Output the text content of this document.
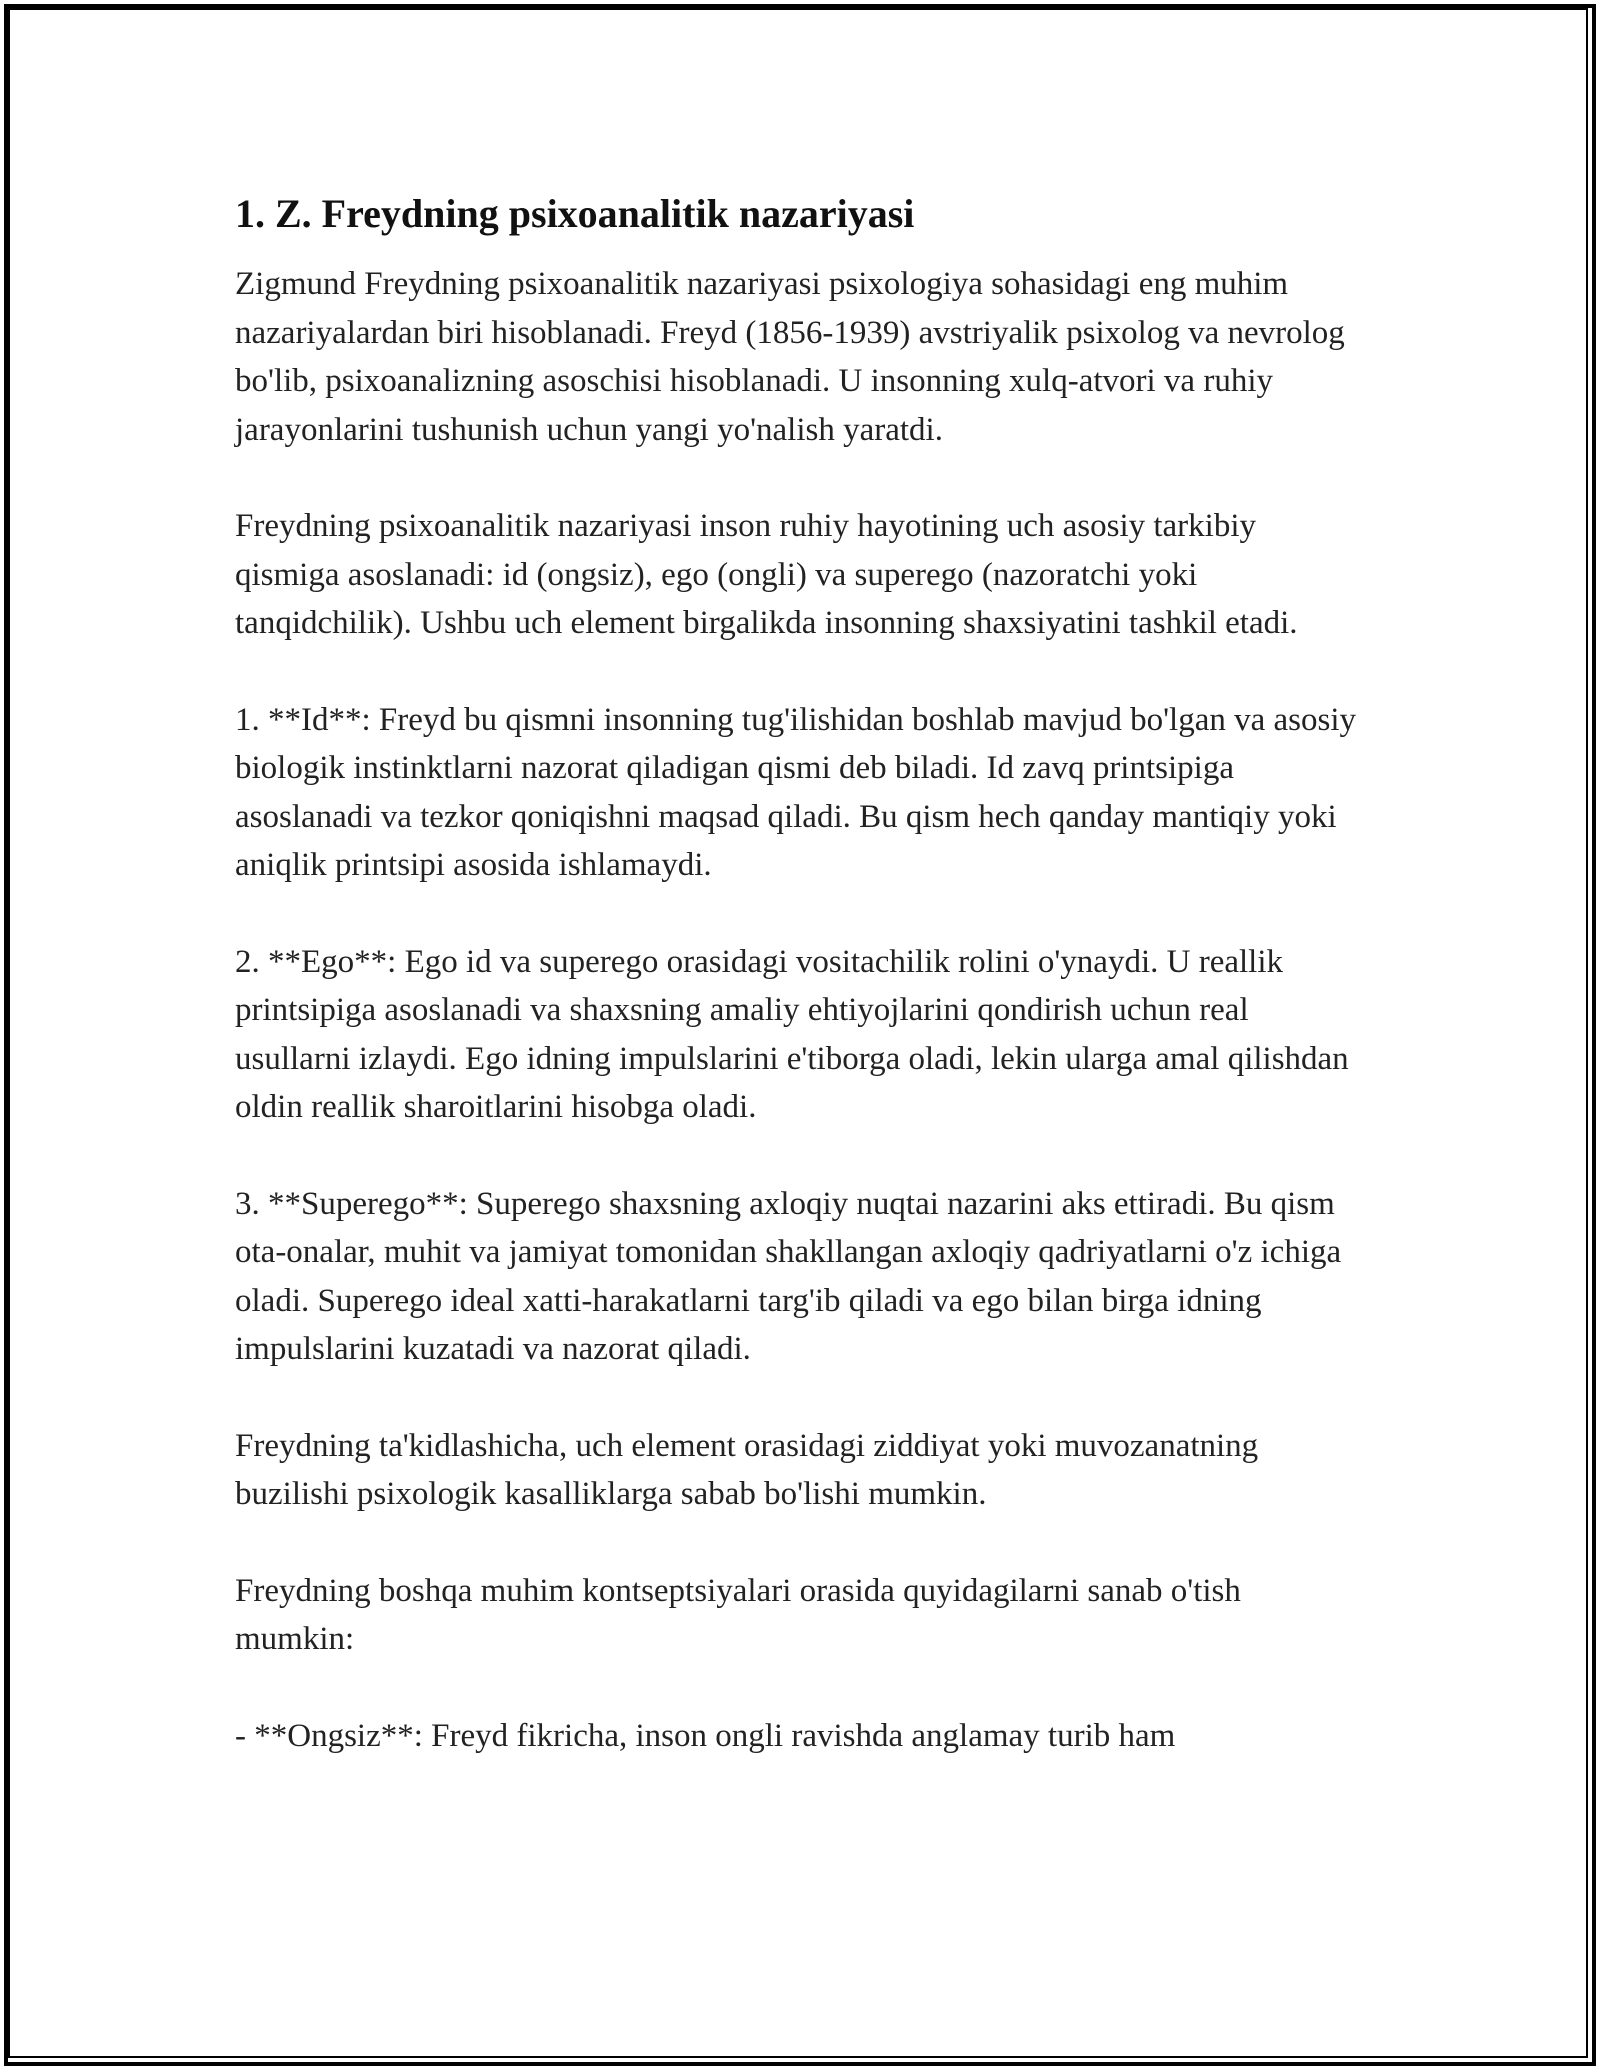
1. Z. Freydning psixoanalitik nazariyasi

Zigmund Freydning psixoanalitik nazariyasi psixologiya sohasidagi eng muhim nazariyalardan biri hisoblanadi. Freyd (1856-1939) avstriyalik psixolog va nevrolog bo'lib, psixoanalizning asoschisi hisoblanadi. U insonning xulq-atvori va ruhiy jarayonlarini tushunish uchun yangi yo'nalish yaratdi.

Freydning psixoanalitik nazariyasi inson ruhiy hayotining uch asosiy tarkibiy qismiga asoslanadi: id (ongsiz), ego (ongli) va superego (nazoratchi yoki tanqidchilik). Ushbu uch element birgalikda insonning shaxsiyatini tashkil etadi.

1. **Id**: Freyd bu qismni insonning tug'ilishidan boshlab mavjud bo'lgan va asosiy biologik instinktlarni nazorat qiladigan qismi deb biladi. Id zavq printsipiga asoslanadi va tezkor qoniqishni maqsad qiladi. Bu qism hech qanday mantiqiy yoki aniqlik printsipi asosida ishlamaydi.

2. **Ego**: Ego id va superego orasidagi vositachilik rolini o'ynaydi. U reallik printsipiga asoslanadi va shaxsning amaliy ehtiyojlarini qondirish uchun real usullarni izlaydi. Ego idning impulslarini e'tiborga oladi, lekin ularga amal qilishdan oldin reallik sharoitlarini hisobga oladi.

3. **Superego**: Superego shaxsning axloqiy nuqtai nazarini aks ettiradi. Bu qism ota-onalar, muhit va jamiyat tomonidan shakllangan axloqiy qadriyatlarni o'z ichiga oladi. Superego ideal xatti-harakatlarni targ'ib qiladi va ego bilan birga idning impulslarini kuzatadi va nazorat qiladi.

Freydning ta'kidlashicha, uch element orasidagi ziddiyat yoki muvozanatning buzilishi psixologik kasalliklarga sabab bo'lishi mumkin.

Freydning boshqa muhim kontseptsiyalari orasida quyidagilarni sanab o'tish mumkin:

- **Ongsiz**: Freyd fikricha, inson ongli ravishda anglamay turib ham
